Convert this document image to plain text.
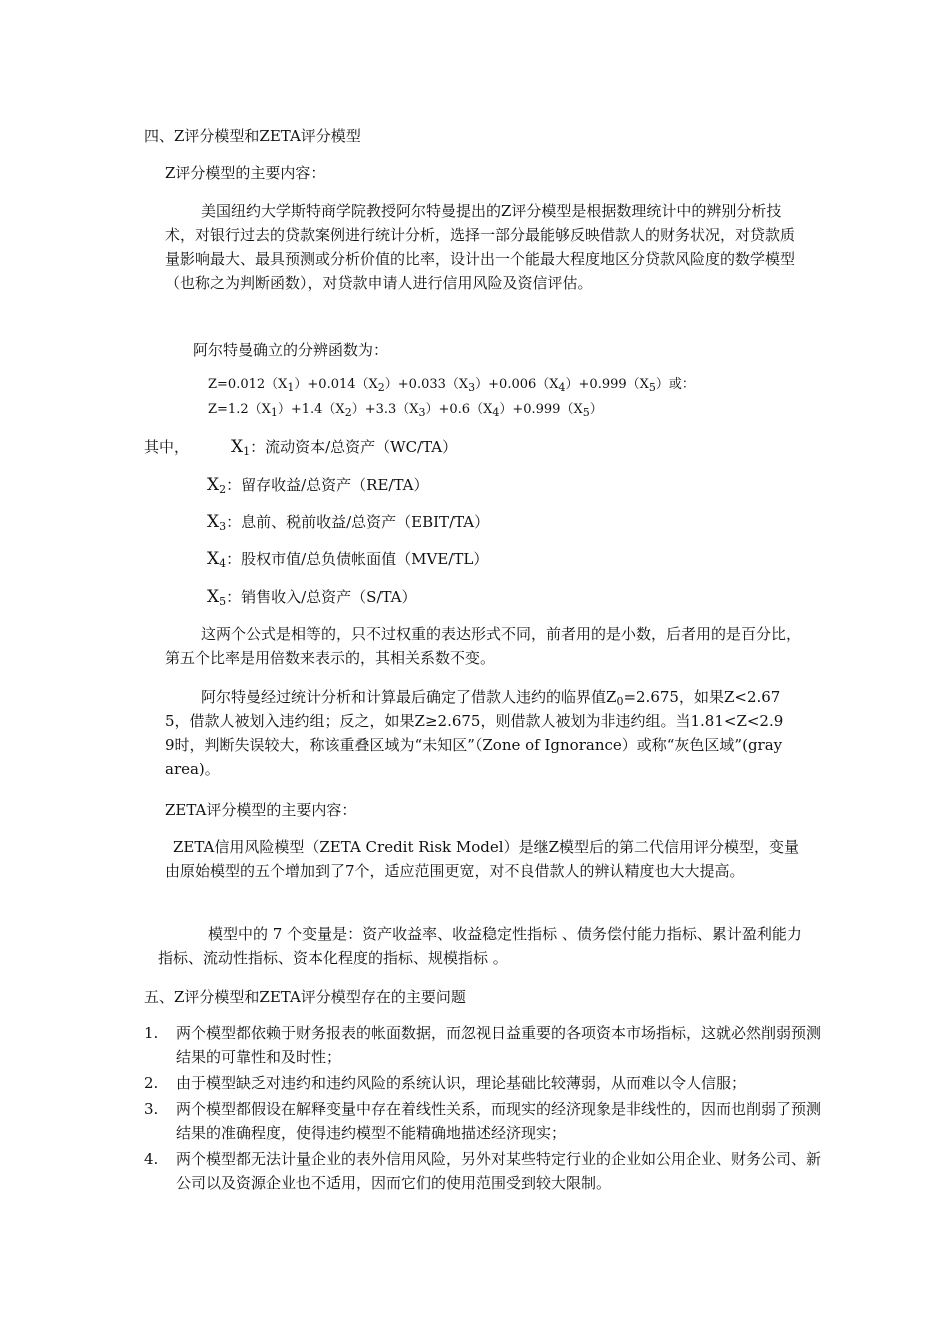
四、Z评分模型和ZETA评分模型
Z评分模型的主要内容：
美国纽约大学斯特商学院教授阿尔特曼提出的Z评分模型是根据数理统计中的辨别分析技术，对银行过去的贷款案例进行统计分析，选择一部分最能够反映借款人的财务状况，对贷款质量影响最大、最具预测或分析价值的比率，设计出一个能最大程度地区分贷款风险度的数学模型（也称之为判断函数），对贷款申请人进行信用风险及资信评估。
阿尔特曼确立的分辨函数为：
$Z=0.012(X_1)+0.014(X_2)+0.033(X_3)+0.006(X_4)+0.999(X_5)$或：
$Z=1.2(X_1)+1.4(X_2)+3.3(X_3)+0.6(X_4)+0.999(X_5)$
其中， $X_1$：流动资本/总资产（WC/TA）
$X_2$：留存收益/总资产（RE/TA）
$X_3$：息前、税前收益/总资产（EBIT/TA）
$X_4$：股权市值/总负债帐面值（MVE/TL）
$X_5$：销售收入/总资产（S/TA）
这两个公式是相等的，只不过权重的表达形式不同，前者用的是小数，后者用的是百分比，第五个比率是用倍数来表示的，其相关系数不变。
阿尔特曼经过统计分析和计算最后确定了借款人违约的临界值$Z_0=2.675$，如果Z<2.675，借款人被划入违约组；反之，如果Z≥2.675，则借款人被划为非违约组。当1.81<Z<2.99时，判断失误较大，称该重叠区域为“未知区”（Zone of Ignorance）或称“灰色区域”(gray area)。
ZETA评分模型的主要内容：
ZETA信用风险模型（ZETA Credit Risk Model）是继Z模型后的第二代信用评分模型，变量由原始模型的五个增加到了7个，适应范围更宽，对不良借款人的辨认精度也大大提高。
模型中的 7 个变量是：资产收益率、收益稳定性指标 、债务偿付能力指标、累计盈利能力指标、流动性指标、资本化程度的指标、规模指标 。
五、Z评分模型和ZETA评分模型存在的主要问题
1. 两个模型都依赖于财务报表的帐面数据，而忽视日益重要的各项资本市场指标，这就必然削弱预测结果的可靠性和及时性；
2. 由于模型缺乏对违约和违约风险的系统认识，理论基础比较薄弱，从而难以令人信服；
3. 两个模型都假设在解释变量中存在着线性关系，而现实的经济现象是非线性的，因而也削弱了预测结果的准确程度，使得违约模型不能精确地描述经济现实；
4. 两个模型都无法计量企业的表外信用风险，另外对某些特定行业的企业如公用企业、财务公司、新公司以及资源企业也不适用，因而它们的使用范围受到较大限制。
